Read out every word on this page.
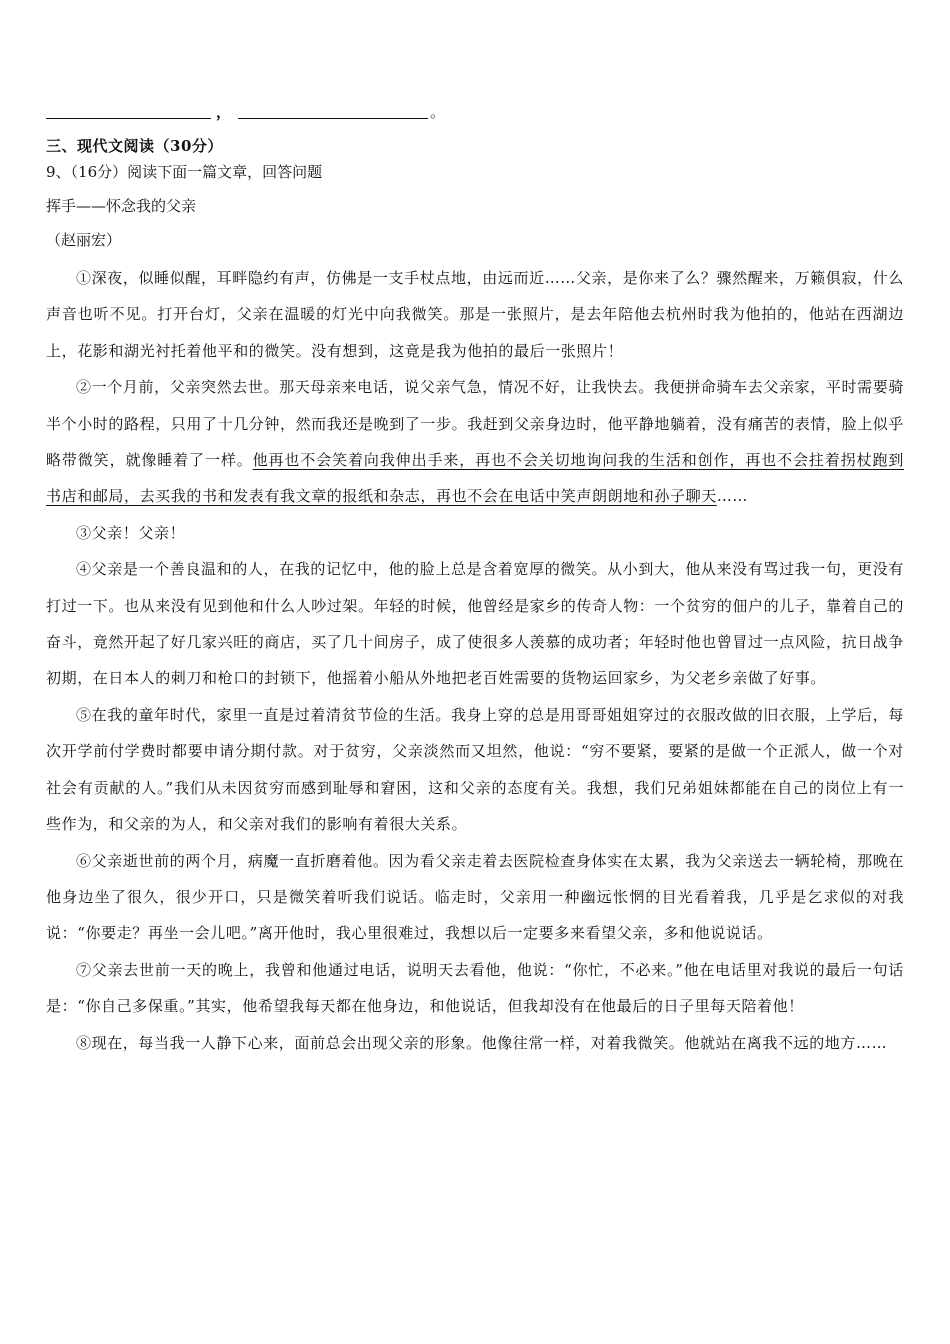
，	。
三、现代文阅读（30分）
9、（16分）阅读下面一篇文章，回答问题
挥手——怀念我的父亲
（赵丽宏）

①深夜，似睡似醒，耳畔隐约有声，仿佛是一支手杖点地，由远而近……父亲，是你来了么？骤然醒来，万籁俱寂，什么声音也听不见。打开台灯，父亲在温暖的灯光中向我微笑。那是一张照片，是去年陪他去杭州时我为他拍的，他站在西湖边上，花影和湖光衬托着他平和的微笑。没有想到，这竟是我为他拍的最后一张照片！

②一个月前，父亲突然去世。那天母亲来电话，说父亲气急，情况不好，让我快去。我便拼命骑车去父亲家，平时需要骑半个小时的路程，只用了十几分钟，然而我还是晚到了一步。我赶到父亲身边时，他平静地躺着，没有痛苦的表情，脸上似乎略带微笑，就像睡着了一样。他再也不会笑着向我伸出手来，再也不会关切地询问我的生活和创作，再也不会拄着拐杖跑到书店和邮局，去买我的书和发表有我文章的报纸和杂志，再也不会在电话中笑声朗朗地和孙子聊天……

③父亲！父亲！

④父亲是一个善良温和的人，在我的记忆中，他的脸上总是含着宽厚的微笑。从小到大，他从来没有骂过我一句，更没有打过一下。也从来没有见到他和什么人吵过架。年轻的时候，他曾经是家乡的传奇人物：一个贫穷的佃户的儿子，靠着自己的奋斗，竟然开起了好几家兴旺的商店，买了几十间房子，成了使很多人羡慕的成功者；年轻时他也曾冒过一点风险，抗日战争初期，在日本人的刺刀和枪口的封锁下，他摇着小船从外地把老百姓需要的货物运回家乡，为父老乡亲做了好事。

⑤在我的童年时代，家里一直是过着清贫节俭的生活。我身上穿的总是用哥哥姐姐穿过的衣服改做的旧衣服，上学后，每次开学前付学费时都要申请分期付款。对于贫穷，父亲淡然而又坦然，他说：“穷不要紧，要紧的是做一个正派人，做一个对社会有贡献的人。”我们从未因贫穷而感到耻辱和窘困，这和父亲的态度有关。我想，我们兄弟姐妹都能在自己的岗位上有一些作为，和父亲的为人，和父亲对我们的影响有着很大关系。

⑥父亲逝世前的两个月，病魔一直折磨着他。因为看父亲走着去医院检查身体实在太累，我为父亲送去一辆轮椅，那晚在他身边坐了很久，很少开口，只是微笑着听我们说话。临走时，父亲用一种幽远怅惘的目光看着我，几乎是乞求似的对我说：“你要走？再坐一会儿吧。”离开他时，我心里很难过，我想以后一定要多来看望父亲，多和他说说话。

⑦父亲去世前一天的晚上，我曾和他通过电话，说明天去看他，他说：“你忙，不必来。”他在电话里对我说的最后一句话是：“你自己多保重。”其实，他希望我每天都在他身边，和他说话，但我却没有在他最后的日子里每天陪着他！

⑧现在，每当我一人静下心来，面前总会出现父亲的形象。他像往常一样，对着我微笑。他就站在离我不远的地方……
